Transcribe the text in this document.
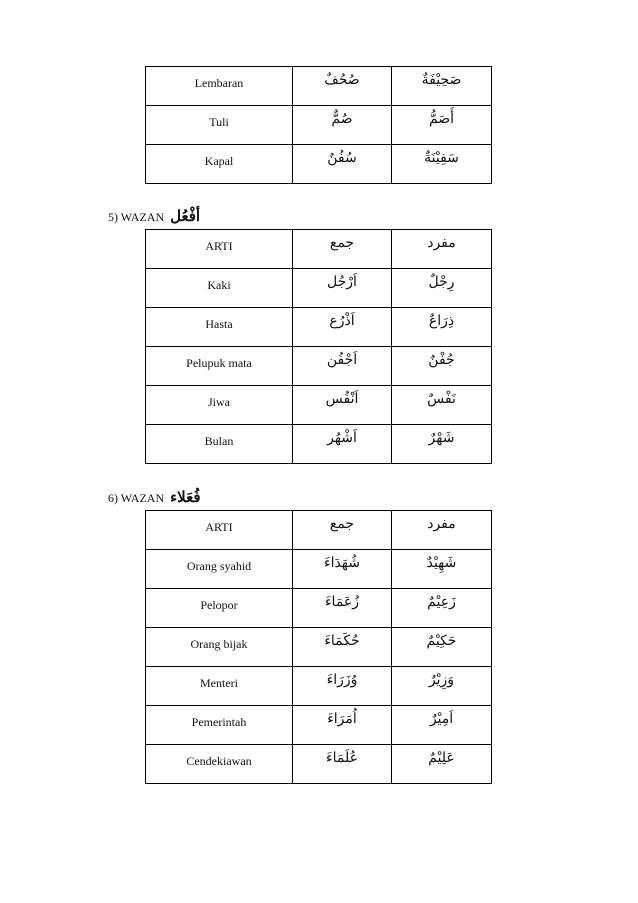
Lembaran	صُحُفٌ	صَحِيْفَةٌ
Tuli	صُمٌّ	أَصَمُّ
Kapal	سُفُنٌ	سَفِيْنَةٌ
5) WAZAN أفْعُل
ARTI	جمع	مفرد
Kaki	اَرْجُل	رِجْلٌ
Hasta	اَذْرُع	ذِرَاعٌ
Pelupuk mata	اَجْفُن	جُفْنٌ
Jiwa	اَنْفُس	نَفْسٌ
Bulan	اَشْهُر	شَهْرٌ
6) WAZAN فُعَلاء
ARTI	جمع	مفرد
Orang syahid	شُهَدَاءَ	شَهِيْدٌ
Pelopor	زُعَمَاءَ	زَعِيْمٌ
Orang bijak	حُكَمَاءَ	حَكِيْمٌ
Menteri	وُزَرَاءَ	وَزِيْرٌ
Pemerintah	اُمَرَاءَ	اَمِيْرٌ
Cendekiawan	عُلَمَاءَ	عَلِيْمٌ
